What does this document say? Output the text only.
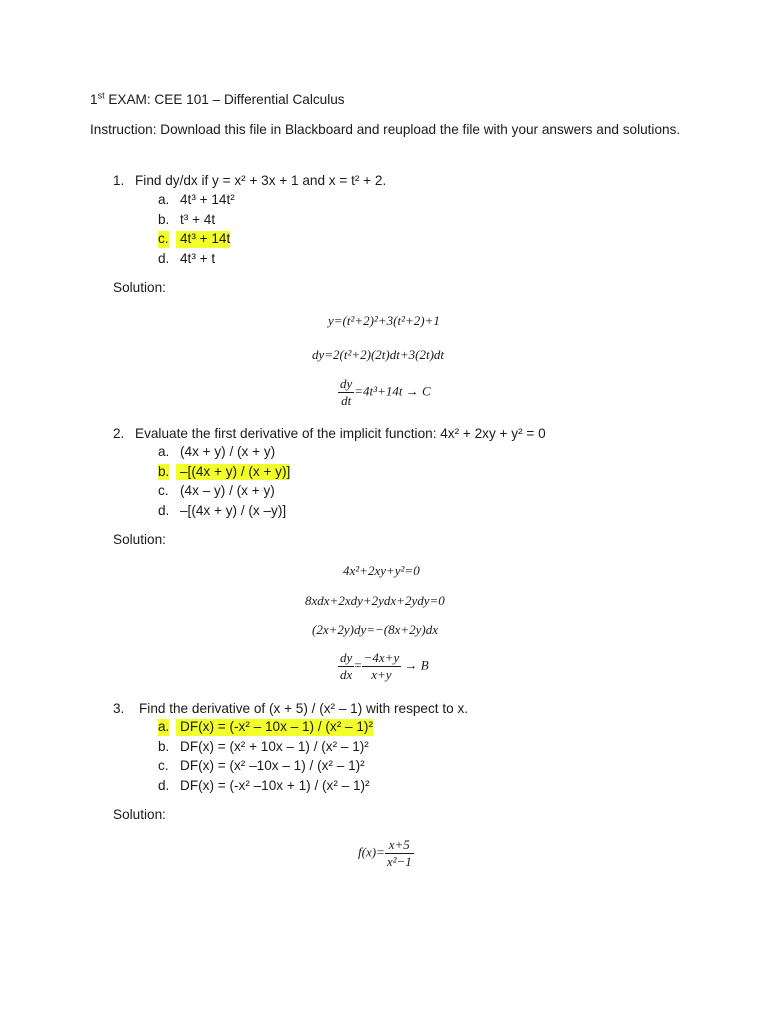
1st EXAM: CEE 101 – Differential Calculus
Instruction: Download this file in Blackboard and reupload the file with your answers and solutions.
1. Find dy/dx if y = x² + 3x + 1 and x = t² + 2.
a. 4t³ + 14t²
b. t³ + 4t
c. 4t³ + 14t
d. 4t³ + t
Solution:
y=(t²+2)²+3(t²+2)+1
dy=2(t²+2)(2t)dt+3(2t)dt
$\frac{dy}{dt} =4t^3+14t \to C$
2. Evaluate the first derivative of the implicit function: 4x² + 2xy + y² = 0
a. (4x + y) / (x + y)
b. –[(4x + y) / (x + y)]
c. (4x – y) / (x + y)
d. –[(4x + y) / (x –y)]
Solution:
4x²+2xy+y²=0
8xdx+2xdy+2ydx+2ydy=0
(2x+2y)dy=−(8x+2y)dx
$\frac{dy}{dx} = \frac{-4x+y}{x+y} \to B$
3. Find the derivative of (x + 5) / (x² – 1) with respect to x.
a. DF(x) = (-x² – 10x – 1) / (x² – 1)²
b. DF(x) = (x² + 10x – 1) / (x² – 1)²
c. DF(x) = (x² –10x – 1) / (x² – 1)²
d. DF(x) = (-x² –10x + 1) / (x² – 1)²
Solution:
$f(x)= \frac{x+5}{\text{x²−1}}$
